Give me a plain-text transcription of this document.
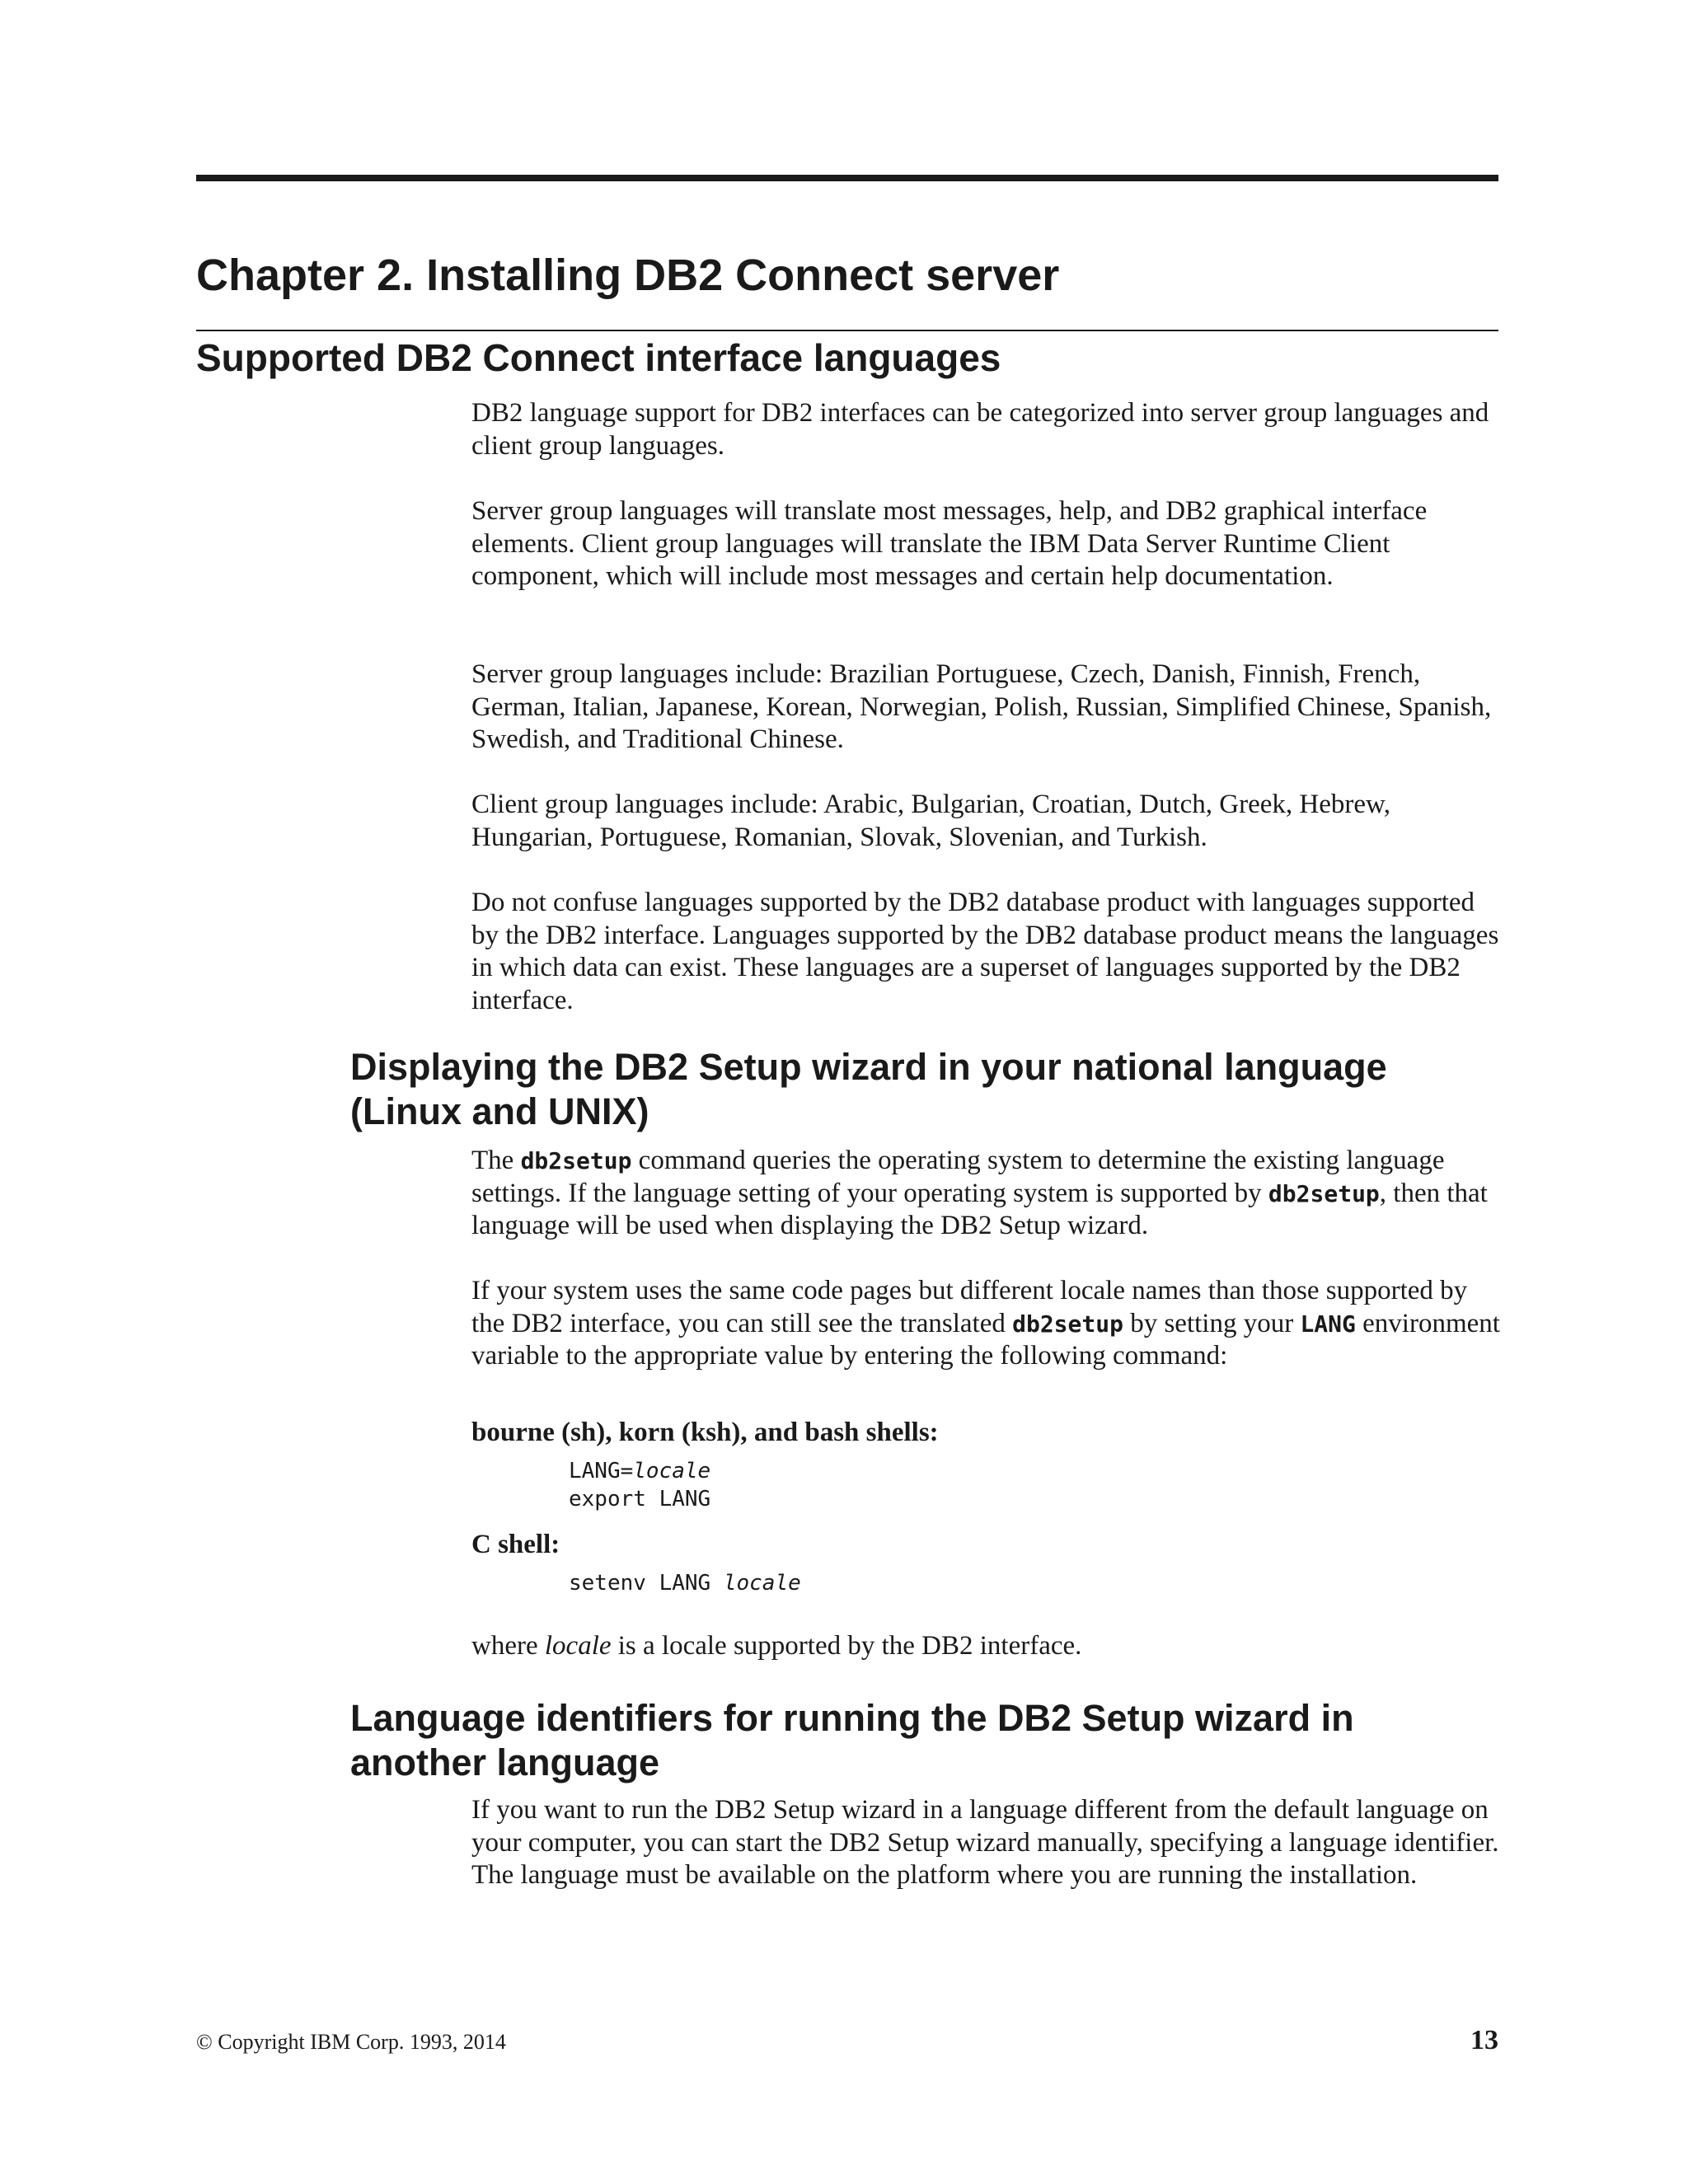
Chapter 2. Installing DB2 Connect server
Supported DB2 Connect interface languages

DB2 language support for DB2 interfaces can be categorized into server group languages and client group languages.

Server group languages will translate most messages, help, and DB2 graphical interface elements. Client group languages will translate the IBM Data Server Runtime Client component, which will include most messages and certain help documentation.

Server group languages include: Brazilian Portuguese, Czech, Danish, Finnish, French, German, Italian, Japanese, Korean, Norwegian, Polish, Russian, Simplified Chinese, Spanish, Swedish, and Traditional Chinese.

Client group languages include: Arabic, Bulgarian, Croatian, Dutch, Greek, Hebrew, Hungarian, Portuguese, Romanian, Slovak, Slovenian, and Turkish.

Do not confuse languages supported by the DB2 database product with languages supported by the DB2 interface. Languages supported by the DB2 database product means the languages in which data can exist. These languages are a superset of languages supported by the DB2 interface.

Displaying the DB2 Setup wizard in your national language
(Linux and UNIX)

The db2setup command queries the operating system to determine the existing language settings. If the language setting of your operating system is supported by db2setup, then that language will be used when displaying the DB2 Setup wizard.

If your system uses the same code pages but different locale names than those supported by the DB2 interface, you can still see the translated db2setup by setting your LANG environment variable to the appropriate value by entering the following command:

bourne (sh), korn (ksh), and bash shells:

LANG=locale
export LANG

C shell:

setenv LANG locale

where locale is a locale supported by the DB2 interface.

Language identifiers for running the DB2 Setup wizard in
another language

If you want to run the DB2 Setup wizard in a language different from the default language on your computer, you can start the DB2 Setup wizard manually, specifying a language identifier. The language must be available on the platform where you are running the installation.

© Copyright IBM Corp. 1993, 2014	13
